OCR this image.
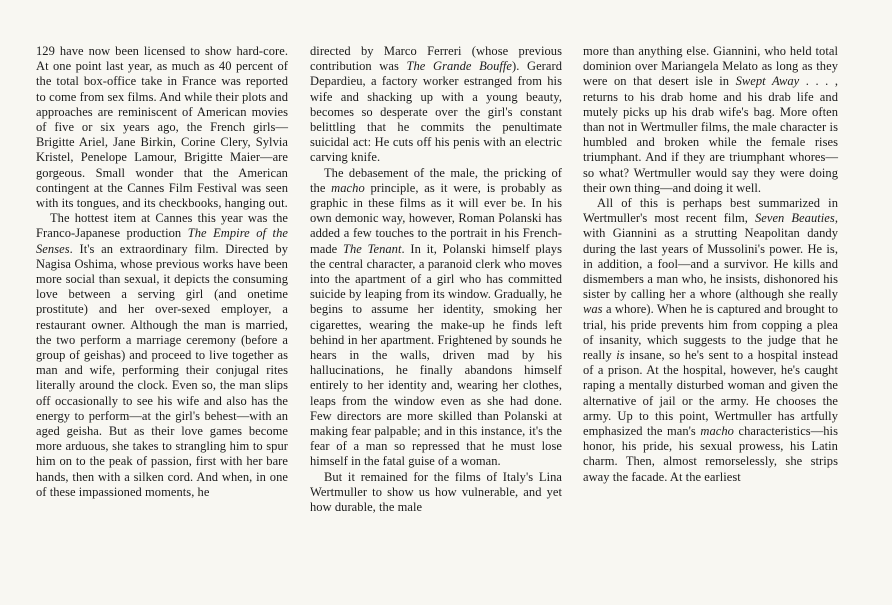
129 have now been licensed to show hard-core. At one point last year, as much as 40 percent of the total box-office take in France was reported to come from sex films. And while their plots and approaches are reminiscent of American movies of five or six years ago, the French girls—Brigitte Ariel, Jane Birkin, Corine Clery, Sylvia Kristel, Penelope Lamour, Brigitte Maier—are gorgeous. Small wonder that the American contingent at the Cannes Film Festival was seen with its tongues, and its checkbooks, hanging out.

The hottest item at Cannes this year was the Franco-Japanese production The Empire of the Senses. It's an extraordinary film. Directed by Nagisa Oshima, whose previous works have been more social than sexual, it depicts the consuming love between a serving girl (and onetime prostitute) and her over-sexed employer, a restaurant owner. Although the man is married, the two perform a marriage ceremony (before a group of geishas) and proceed to live together as man and wife, performing their conjugal rites literally around the clock. Even so, the man slips off occasionally to see his wife and also has the energy to perform—at the girl's behest—with an aged geisha. But as their love games become more arduous, she takes to strangling him to spur him on to the peak of passion, first with her bare hands, then with a silken cord. And when, in one of these impassioned moments, he

directed by Marco Ferreri (whose previous contribution was The Grande Bouffe). Gerard Depardieu, a factory worker estranged from his wife and shacking up with a young beauty, becomes so desperate over the girl's constant belittling that he commits the penultimate suicidal act: He cuts off his penis with an electric carving knife.

The debasement of the male, the pricking of the macho principle, as it were, is probably as graphic in these films as it will ever be. In his own demonic way, however, Roman Polanski has added a few touches to the portrait in his French-made The Tenant. In it, Polanski himself plays the central character, a paranoid clerk who moves into the apartment of a girl who has committed suicide by leaping from its window. Gradually, he begins to assume her identity, smoking her cigarettes, wearing the make-up he finds left behind in her apartment. Frightened by sounds he hears in the walls, driven mad by his hallucinations, he finally abandons himself entirely to her identity and, wearing her clothes, leaps from the window even as she had done. Few directors are more skilled than Polanski at making fear palpable; and in this instance, it's the fear of a man so repressed that he must lose himself in the fatal guise of a woman.

But it remained for the films of Italy's Lina Wertmuller to show us how vulnerable, and yet how durable, the male

more than anything else. Giannini, who held total dominion over Mariangela Melato as long as they were on that desert isle in Swept Away . . . , returns to his drab home and his drab life and mutely picks up his drab wife's bag. More often than not in Wertmuller films, the male character is humbled and broken while the female rises triumphant. And if they are triumphant whores—so what? Wertmuller would say they were doing their own thing—and doing it well.

All of this is perhaps best summarized in Wertmuller's most recent film, Seven Beauties, with Giannini as a strutting Neapolitan dandy during the last years of Mussolini's power. He is, in addition, a fool—and a survivor. He kills and dismembers a man who, he insists, dishonored his sister by calling her a whore (although she really was a whore). When he is captured and brought to trial, his pride prevents him from copping a plea of insanity, which suggests to the judge that he really is insane, so he's sent to a hospital instead of a prison. At the hospital, however, he's caught raping a mentally disturbed woman and given the alternative of jail or the army. He chooses the army. Up to this point, Wertmuller has artfully emphasized the man's macho characteristics—his honor, his pride, his sexual prowess, his Latin charm. Then, almost remorselessly, she strips away the facade. At the earliest
